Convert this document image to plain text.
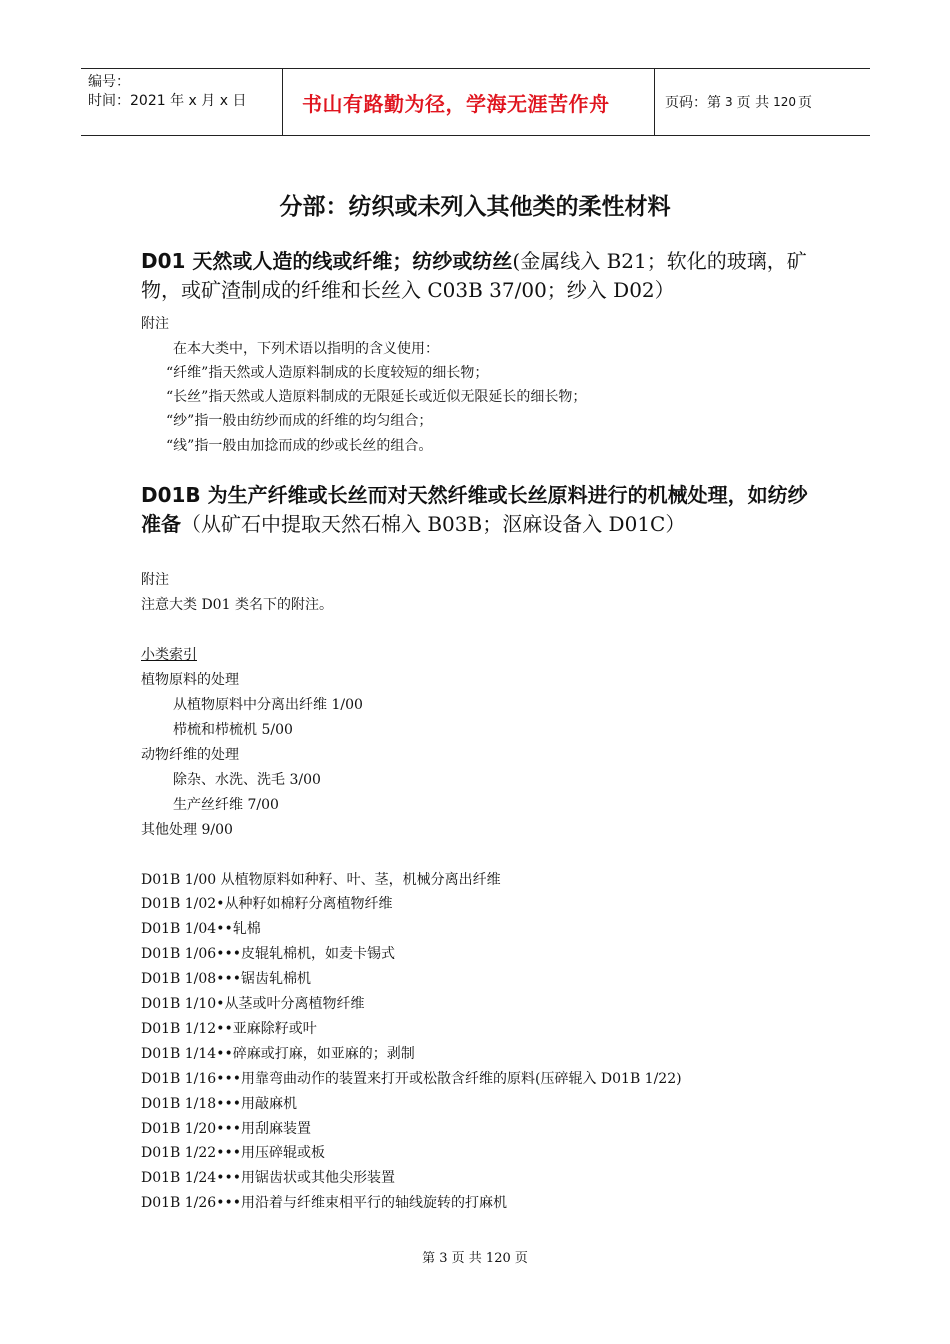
编号：
时间：2021 年 x 月 x 日	书山有路勤为径，学海无涯苦作舟	页码：第 3 页 共 120 页
分部：纺织或未列入其他类的柔性材料
D01 天然或人造的线或纤维；纺纱或纺丝(金属线入 B21；软化的玻璃，矿物，或矿渣制成的纤维和长丝入 C03B 37/00；纱入 D02）
附注
在本大类中，下列术语以指明的含义使用：
“纤维”指天然或人造原料制成的长度较短的细长物；
“长丝”指天然或人造原料制成的无限延长或近似无限延长的细长物；
“纱”指一般由纺纱而成的纤维的均匀组合；
“线”指一般由加捻而成的纱或长丝的组合。
D01B 为生产纤维或长丝而对天然纤维或长丝原料进行的机械处理，如纺纱准备（从矿石中提取天然石棉入 B03B；沤麻设备入 D01C）
附注
注意大类 D01 类名下的附注。
小类索引
植物原料的处理
从植物原料中分离出纤维 1/00
栉梳和栉梳机 5/00
动物纤维的处理
除杂、水洗、洗毛 3/00
生产丝纤维 7/00
其他处理 9/00
D01B 1/00 从植物原料如种籽、叶、茎，机械分离出纤维
D01B 1/02•从种籽如棉籽分离植物纤维
D01B 1/04••轧棉
D01B 1/06•••皮辊轧棉机，如麦卡锡式
D01B 1/08•••锯齿轧棉机
D01B 1/10•从茎或叶分离植物纤维
D01B 1/12••亚麻除籽或叶
D01B 1/14••碎麻或打麻，如亚麻的；剥制
D01B 1/16•••用靠弯曲动作的装置来打开或松散含纤维的原料(压碎辊入 D01B 1/22)
D01B 1/18•••用敲麻机
D01B 1/20•••用刮麻装置
D01B 1/22•••用压碎辊或板
D01B 1/24•••用锯齿状或其他尖形装置
D01B 1/26•••用沿着与纤维束相平行的轴线旋转的打麻机
第 3 页 共 120 页
